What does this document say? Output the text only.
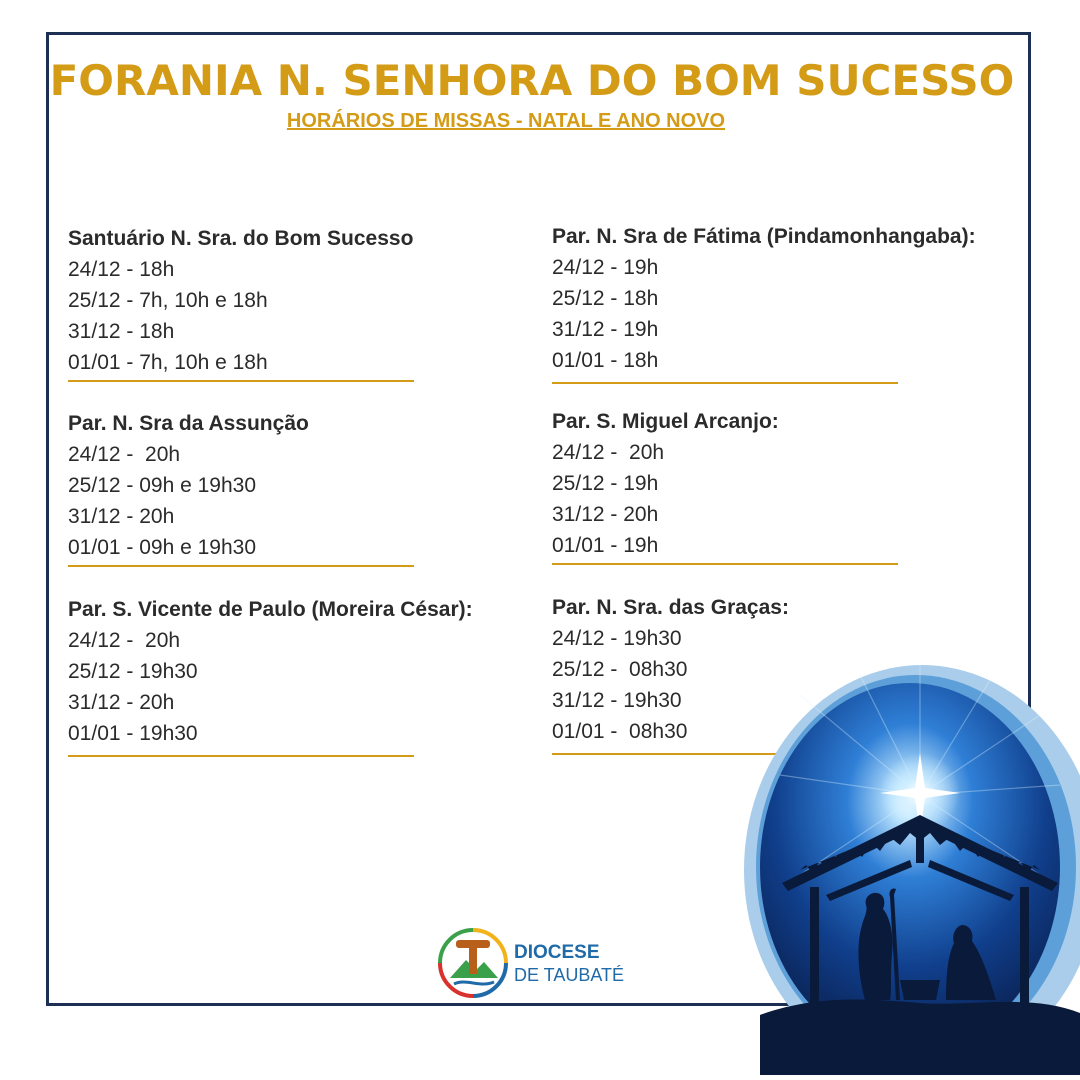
FORANIA N. SENHORA DO BOM SUCESSO
HORÁRIOS DE MISSAS - NATAL E ANO NOVO
Santuário N. Sra. do Bom Sucesso
24/12 - 18h
25/12 - 7h, 10h e 18h
31/12 - 18h
01/01 - 7h, 10h e 18h
Par. N. Sra da Assunção
24/12 -  20h
25/12 - 09h e 19h30
31/12 - 20h
01/01 - 09h e 19h30
Par. S. Vicente de Paulo (Moreira César):
24/12 -  20h
25/12 - 19h30
31/12 - 20h
01/01 - 19h30
Par. N. Sra de Fátima (Pindamonhangaba):
24/12 - 19h
25/12 - 18h
31/12 - 19h
01/01 - 18h
Par. S. Miguel Arcanjo:
24/12 -  20h
25/12 - 19h
31/12 - 20h
01/01 - 19h
Par. N. Sra. das Graças:
24/12 - 19h30
25/12 -  08h30
31/12 - 19h30
01/01 -  08h30
DIOCESE
DE TAUBATÉ
